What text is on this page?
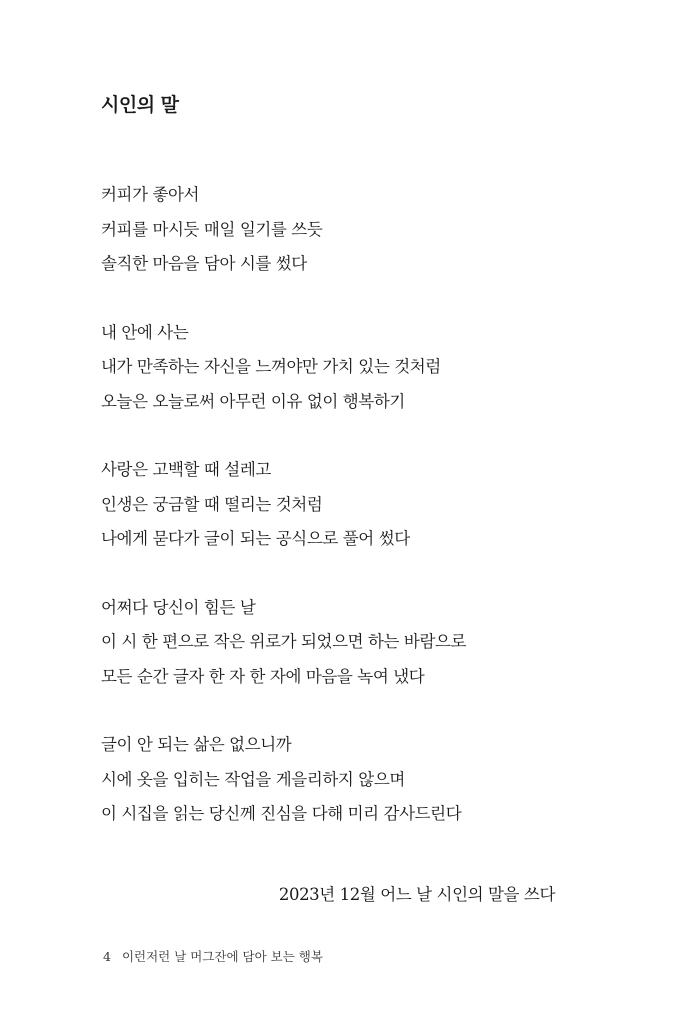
시인의 말

커피가 좋아서
커피를 마시듯 매일 일기를 쓰듯
솔직한 마음을 담아 시를 썼다

내 안에 사는
내가 만족하는 자신을 느껴야만 가치 있는 것처럼
오늘은 오늘로써 아무런 이유 없이 행복하기

사랑은 고백할 때 설레고
인생은 궁금할 때 떨리는 것처럼
나에게 묻다가 글이 되는 공식으로 풀어 썼다

어쩌다 당신이 힘든 날
이 시 한 편으로 작은 위로가 되었으면 하는 바람으로
모든 순간 글자 한 자 한 자에 마음을 녹여 냈다

글이 안 되는 삶은 없으니까
시에 옷을 입히는 작업을 게을리하지 않으며
이 시집을 읽는 당신께 진심을 다해 미리 감사드린다

2023년 12월 어느 날 시인의 말을 쓰다

4 이런저런 날 머그잔에 담아 보는 행복
